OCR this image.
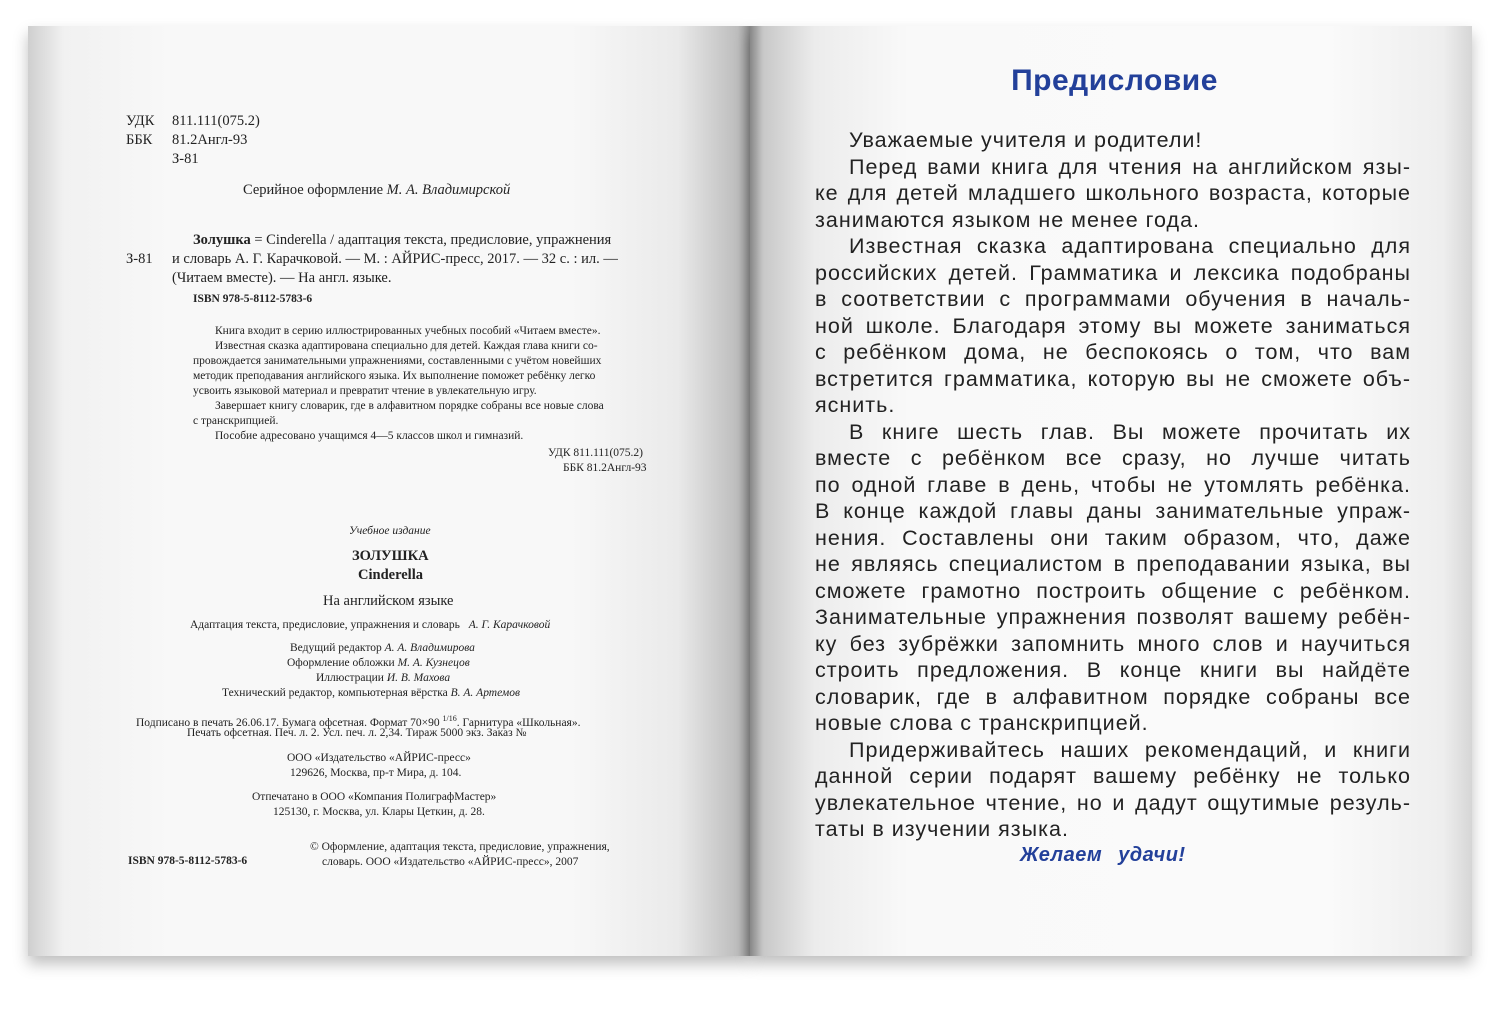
УДК 811.111(075.2)
ББК 81.2Англ-93
З-81
Серийное оформление М. А. Владимирской
Золушка = Cinderella / адаптация текста, предисловие, упражнения
З-81 и словарь А. Г. Карачковой. — М. : АЙРИС-пресс, 2017. — 32 с. : ил. —
(Читаем вместе). — На англ. языке.
ISBN 978-5-8112-5783-6
Книга входит в серию иллюстрированных учебных пособий «Читаем вместе».
Известная сказка адаптирована специально для детей. Каждая глава книги со-
провождается занимательными упражнениями, составленными с учётом новейших
методик преподавания английского языка. Их выполнение поможет ребёнку легко
усвоить языковой материал и превратит чтение в увлекательную игру.
Завершает книгу словарик, где в алфавитном порядке собраны все новые слова
с транскрипцией.
Пособие адресовано учащимся 4—5 классов школ и гимназий.
УДК 811.111(075.2)
ББК 81.2Англ-93
Учебное издание
ЗОЛУШКА
Cinderella
На английском языке
Адаптация текста, предисловие, упражнения и словарь А. Г. Карачковой
Ведущий редактор А. А. Владимирова
Оформление обложки М. А. Кузнецов
Иллюстрации И. В. Махова
Технический редактор, компьютерная вёрстка В. А. Артемов
Подписано в печать 26.06.17. Бумага офсетная. Формат 70×90 $^{1/16}$. Гарнитура «Школьная».
Печать офсетная. Печ. л. 2. Усл. печ. л. 2,34. Тираж 5000 экз. Заказ №
ООО «Издательство «АЙРИС-пресс»
129626, Москва, пр-т Мира, д. 104.
Отпечатано в ООО «Компания ПолиграфМастер»
125130, г. Москва, ул. Клары Цеткин, д. 28.
ISBN 978-5-8112-5783-6
© Оформление, адаптация текста, предисловие, упражнения,
словарь. ООО «Издательство «АЙРИС-пресс», 2007
Предисловие
Уважаемые учителя и родители!
Перед вами книга для чтения на английском язы-
ке для детей младшего школьного возраста, которые
занимаются языком не менее года.
Известная сказка адаптирована специально для
российских детей. Грамматика и лексика подобраны
в соответствии с программами обучения в началь-
ной школе. Благодаря этому вы можете заниматься
с ребёнком дома, не беспокоясь о том, что вам
встретится грамматика, которую вы не сможете объ-
яснить.
В книге шесть глав. Вы можете прочитать их
вместе с ребёнком все сразу, но лучше читать
по одной главе в день, чтобы не утомлять ребёнка.
В конце каждой главы даны занимательные упраж-
нения. Составлены они таким образом, что, даже
не являясь специалистом в преподавании языка, вы
сможете грамотно построить общение с ребёнком.
Занимательные упражнения позволят вашему ребён-
ку без зубрёжки запомнить много слов и научиться
строить предложения. В конце книги вы найдёте
словарик, где в алфавитном порядке собраны все
новые слова с транскрипцией.
Придерживайтесь наших рекомендаций, и книги
данной серии подарят вашему ребёнку не только
увлекательное чтение, но и дадут ощутимые резуль-
таты в изучении языка.
Желаем удачи!
